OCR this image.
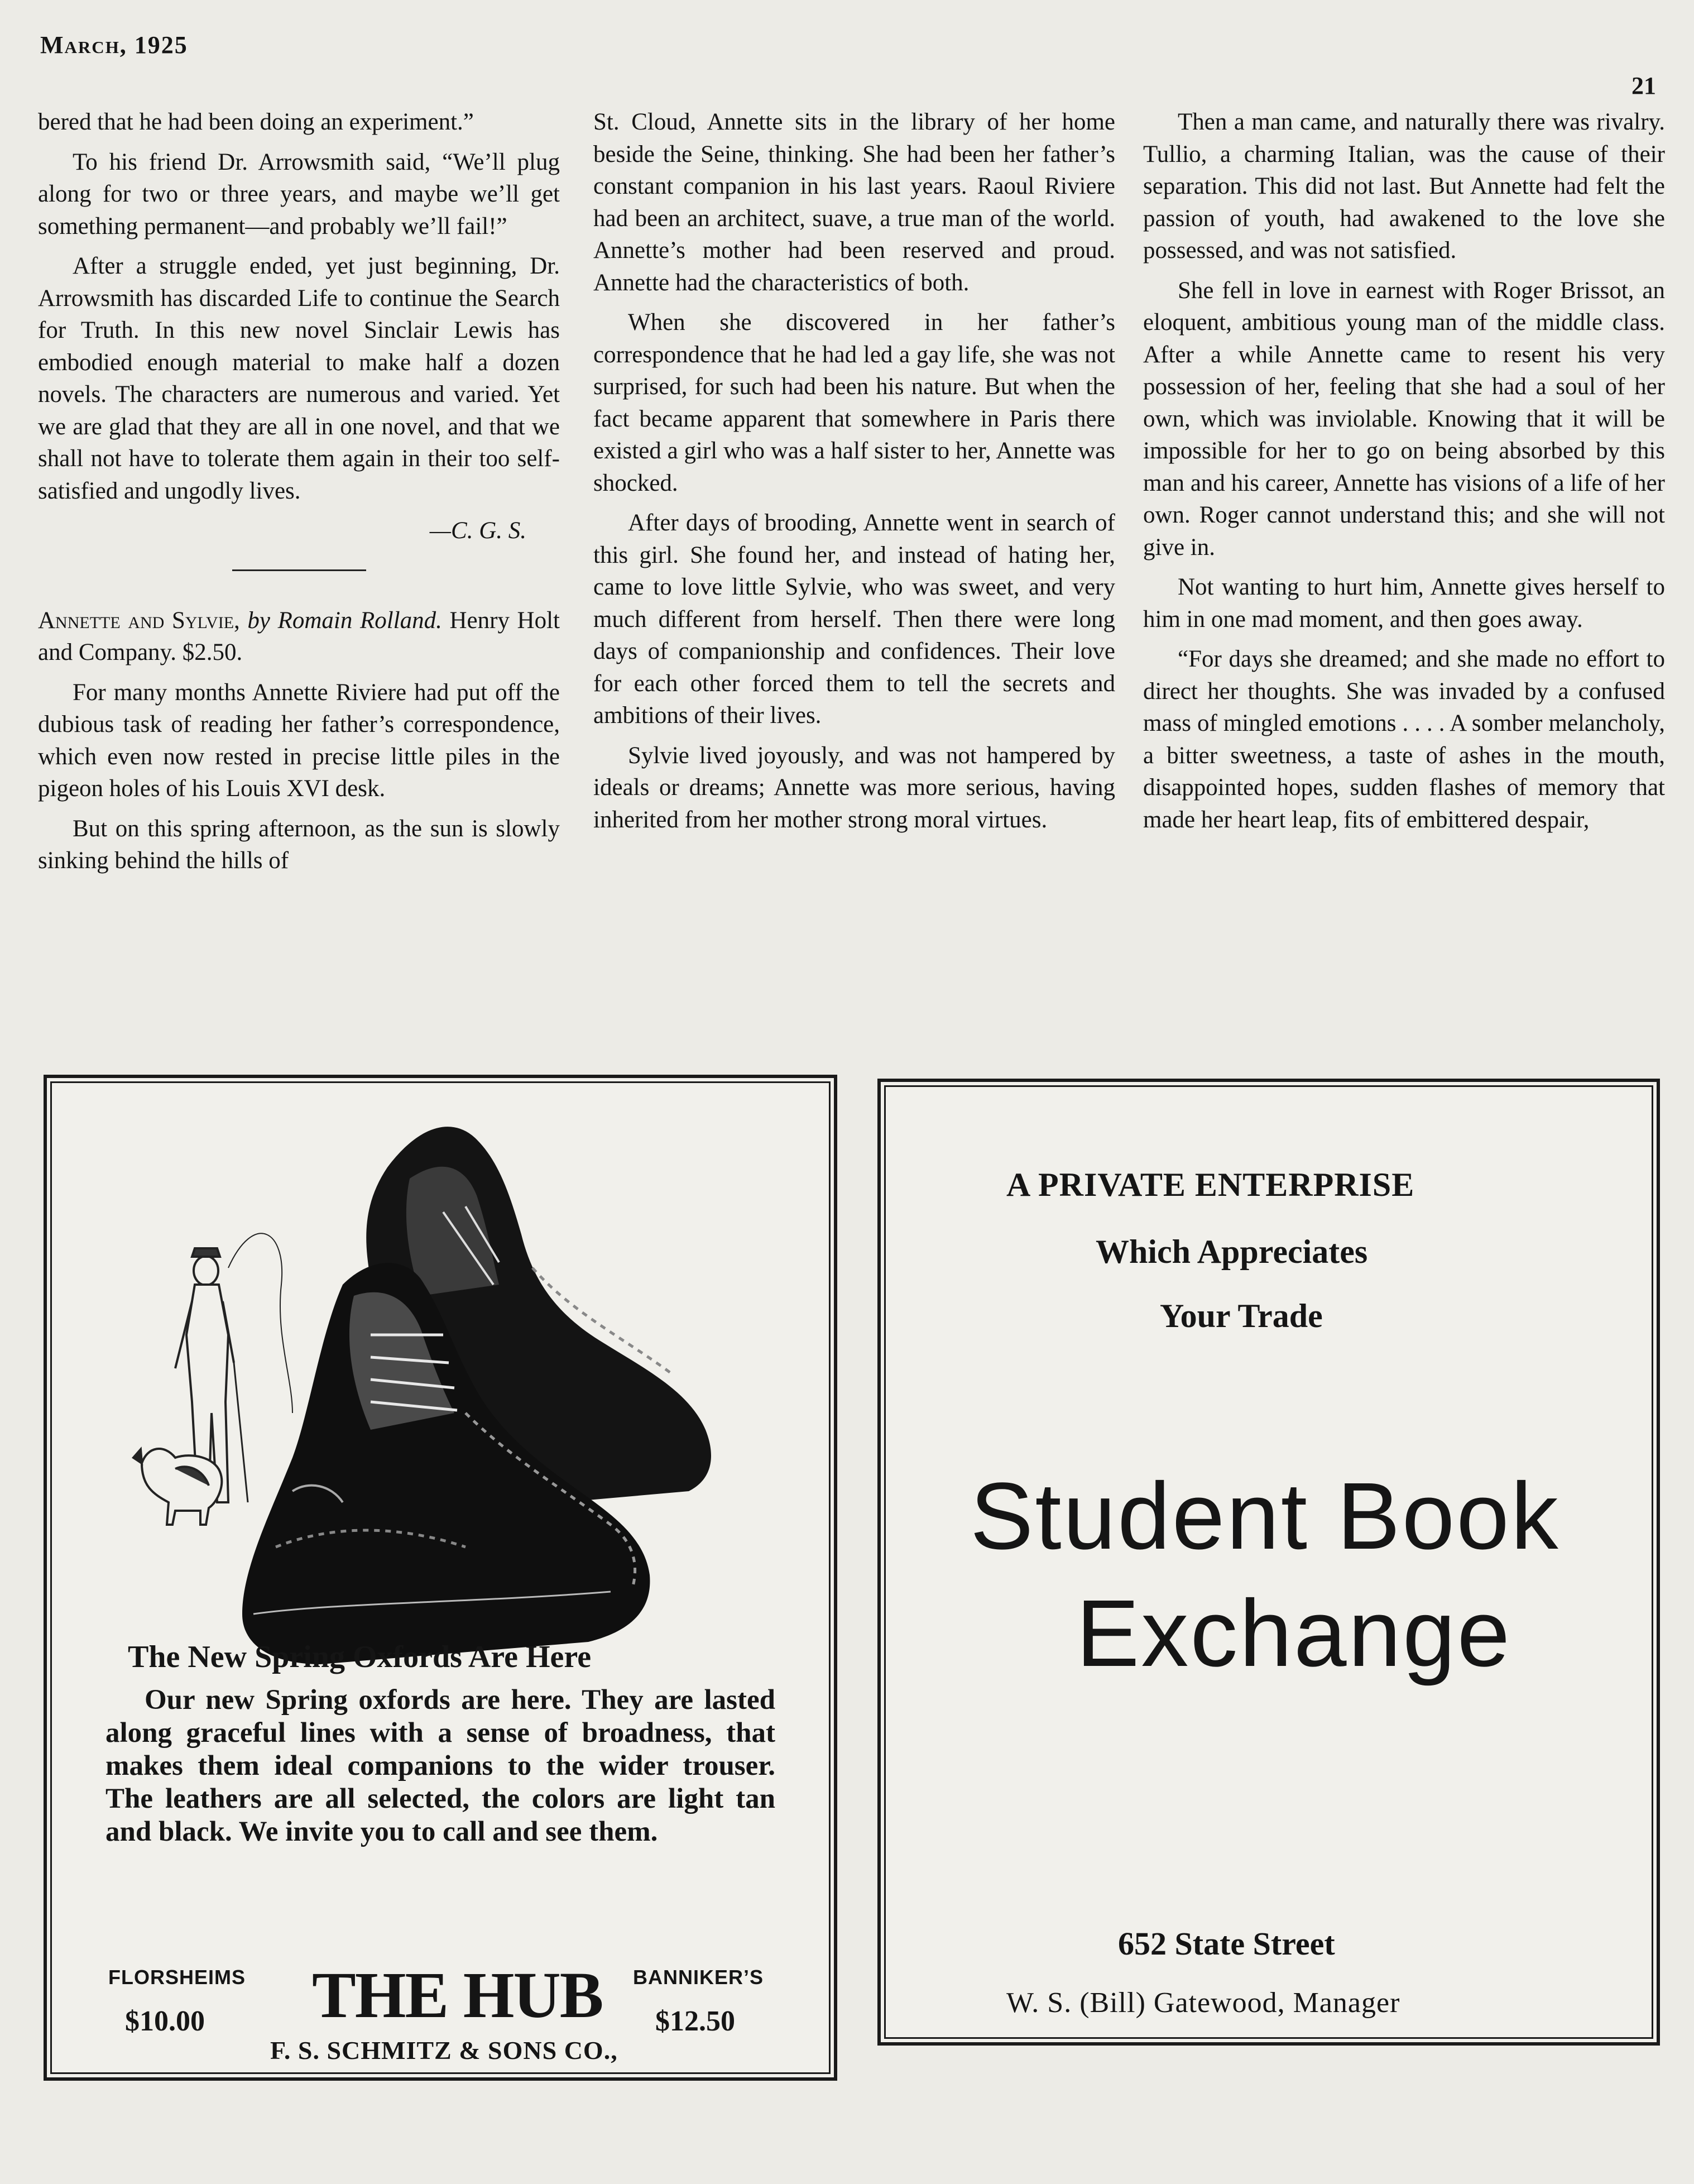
March, 1925
21

bered that he had been doing an experiment.”

To his friend Dr. Arrowsmith said, “We’ll plug along for two or three years, and maybe we’ll get something permanent—and probably we’ll fail!”

After a struggle ended, yet just beginning, Dr. Arrowsmith has discarded Life to continue the Search for Truth. In this new novel Sinclair Lewis has embodied enough material to make half a dozen novels. The characters are numerous and varied. Yet we are glad that they are all in one novel, and that we shall not have to tolerate them again in their too self-satisfied and ungodly lives.

—C. G. S.

Annette and Sylvie, by Romain Rolland. Henry Holt and Company. $2.50.

For many months Annette Riviere had put off the dubious task of reading her father’s correspondence, which even now rested in precise little piles in the pigeon holes of his Louis XVI desk.

But on this spring afternoon, as the sun is slowly sinking behind the hills of

St. Cloud, Annette sits in the library of her home beside the Seine, thinking. She had been her father’s constant companion in his last years. Raoul Riviere had been an architect, suave, a true man of the world. Annette’s mother had been reserved and proud. Annette had the characteristics of both.

When she discovered in her father’s correspondence that he had led a gay life, she was not surprised, for such had been his nature. But when the fact became apparent that somewhere in Paris there existed a girl who was a half sister to her, Annette was shocked.

After days of brooding, Annette went in search of this girl. She found her, and instead of hating her, came to love little Sylvie, who was sweet, and very much different from herself. Then there were long days of companionship and confidences. Their love for each other forced them to tell the secrets and ambitions of their lives.

Sylvie lived joyously, and was not hampered by ideals or dreams; Annette was more serious, having inherited from her mother strong moral virtues.

Then a man came, and naturally there was rivalry. Tullio, a charming Italian, was the cause of their separation. This did not last. But Annette had felt the passion of youth, had awakened to the love she possessed, and was not satisfied.

She fell in love in earnest with Roger Brissot, an eloquent, ambitious young man of the middle class. After a while Annette came to resent his very possession of her, feeling that she had a soul of her own, which was inviolable. Knowing that it will be impossible for her to go on being absorbed by this man and his career, Annette has visions of a life of her own. Roger cannot understand this; and she will not give in.

Not wanting to hurt him, Annette gives herself to him in one mad moment, and then goes away.

“For days she dreamed; and she made no effort to direct her thoughts. She was invaded by a confused mass of mingled emotions . . . . A somber melancholy, a bitter sweetness, a taste of ashes in the mouth, disappointed hopes, sudden flashes of memory that made her heart leap, fits of embittered despair,

The New Spring Oxfords Are Here

Our new Spring oxfords are here. They are lasted along graceful lines with a sense of broadness, that makes them ideal companions to the wider trouser. The leathers are all selected, the colors are light tan and black. We invite you to call and see them.

FLORSHEIMS
$10.00 THE HUB BANNIKER’S
$12.50
F. S. SCHMITZ & SONS CO.,
A PRIVATE ENTERPRISE
Which Appreciates
Your Trade
Student Book
Exchange
652 State Street
W. S. (Bill) Gatewood, Manager
